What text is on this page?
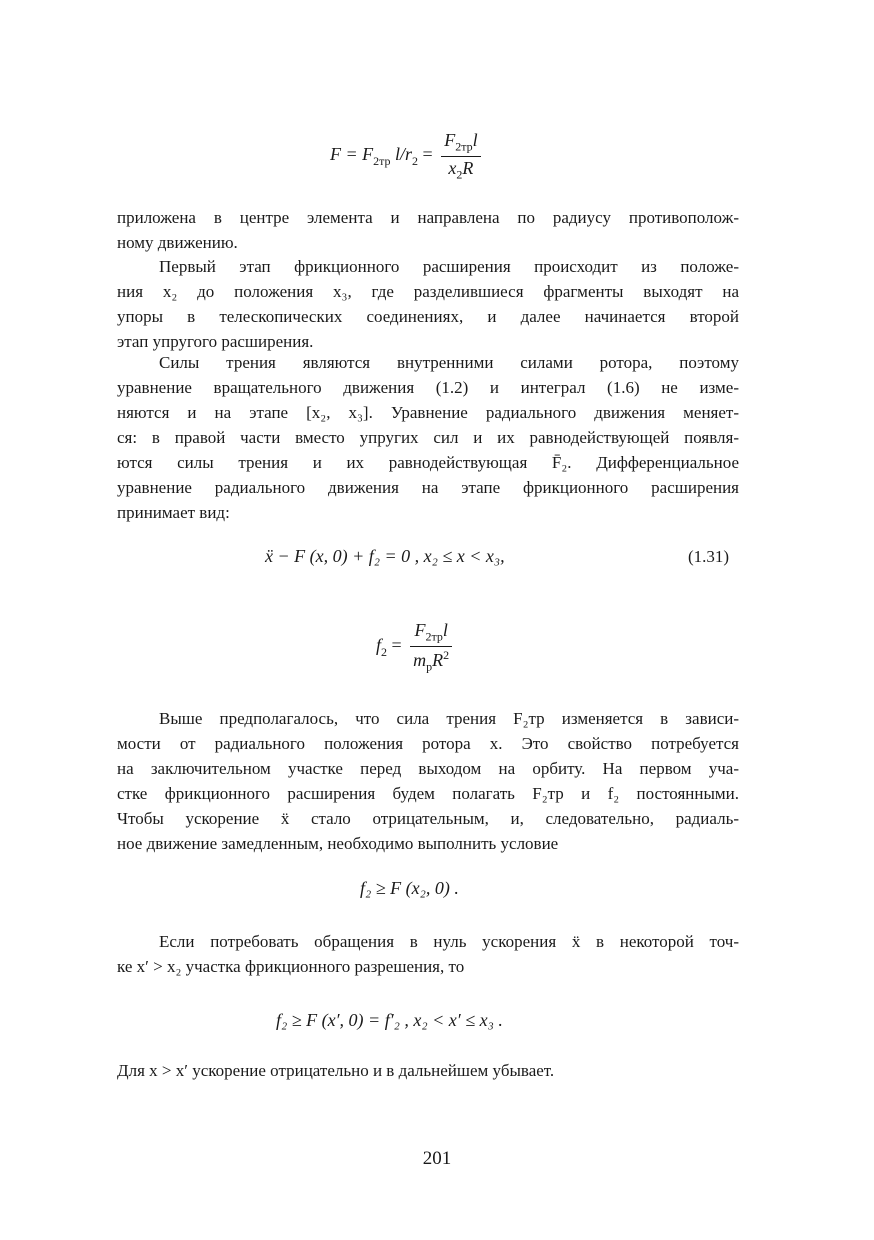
$F = F_{2тр}$ $l/r_2 = \frac{F_{2тр}l}{x_2R}$
приложена в центре элемента и направлена по радиусу противополож-
ному движению.
Первый этап фрикционного расширения происходит из положе-
ния x₂ до положения x₃, где разделившиеся фрагменты выходят на
упоры в телескопических соединениях, и далее начинается второй
этап упругого расширения.
Силы трения являются внутренними силами ротора, поэтому
уравнение вращательного движения (1.2) и интеграл (1.6) не изме-
няются и на этапе [x₂, x₃]. Уравнение радиального движения меняет-
ся: в правой части вместо упругих сил и их равнодействующей появля-
ются силы трения и их равнодействующая F̄₂. Дифференциальное
уравнение радиального движения на этапе фрикционного расширения
принимает вид:
ẍ − F (x, 0) + f₂ = 0 , x₂ ≤ x < x₃,	(1.31)
$f_2 = \frac{F_{2тр}l}{m_рR^2}$
Выше предполагалось, что сила трения F₂тр изменяется в зависи-
мости от радиального положения ротора x. Это свойство потребуется
на заключительном участке перед выходом на орбиту. На первом уча-
стке фрикционного расширения будем полагать F₂тр и f₂ постоянными.
Чтобы ускорение ẍ стало отрицательным, и, следовательно, радиаль-
ное движение замедленным, необходимо выполнить условие
f₂ ≥ F (x₂, 0) .
Если потребовать обращения в нуль ускорения ẍ в некоторой точ-
ке x′ > x₂ участка фрикционного разрешения, то
f₂ ≥ F (x′, 0) = f′₂ , x₂ < x′ ≤ x₃ .
Для x > x′ ускорение отрицательно и в дальнейшем убывает.
201
